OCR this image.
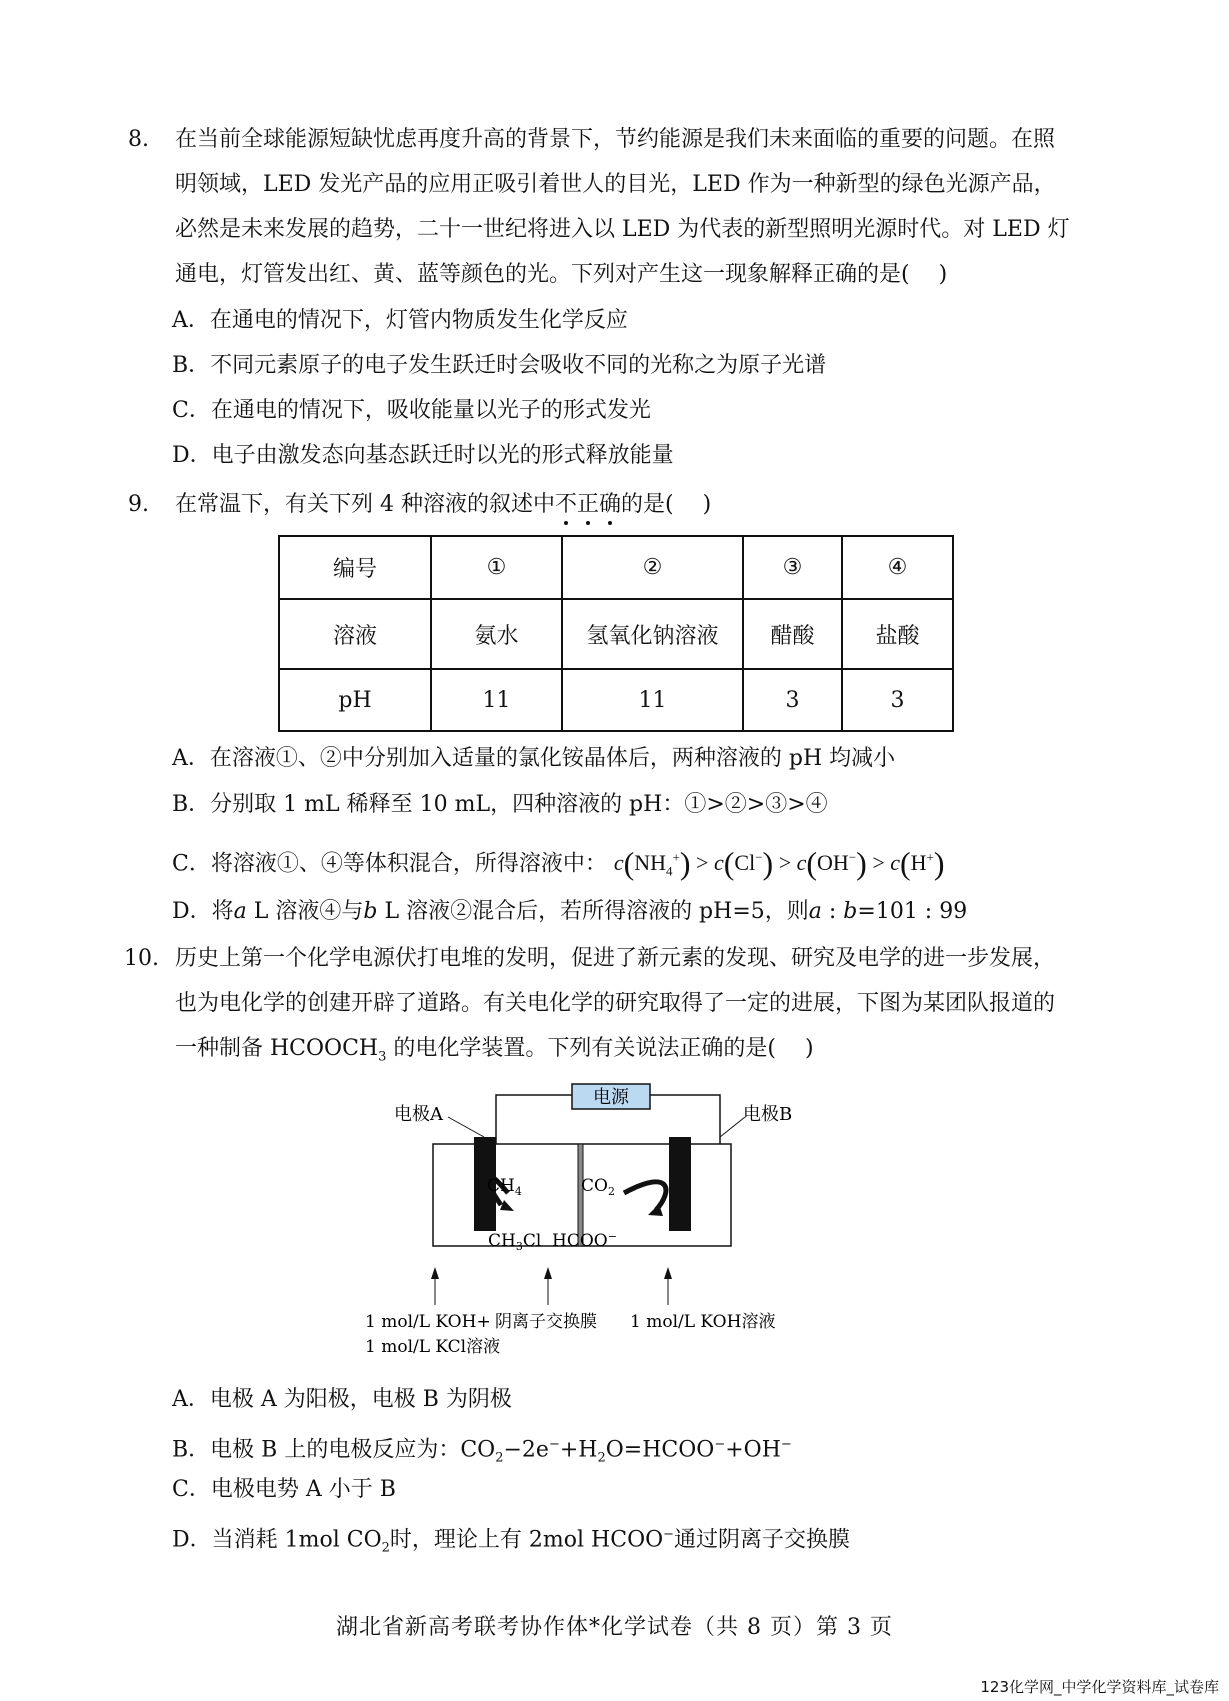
8. 在当前全球能源短缺忧虑再度升高的背景下，节约能源是我们未来面临的重要的问题。在照
明领域，LED 发光产品的应用正吸引着世人的目光，LED 作为一种新型的绿色光源产品，
必然是未来发展的趋势，二十一世纪将进入以 LED 为代表的新型照明光源时代。对 LED 灯
通电，灯管发出红、黄、蓝等颜色的光。下列对产生这一现象解释正确的是(　 )
A．在通电的情况下，灯管内物质发生化学反应
B．不同元素原子的电子发生跃迁时会吸收不同的光称之为原子光谱
C．在通电的情况下，吸收能量以光子的形式发光
D．电子由激发态向基态跃迁时以光的形式释放能量
9. 在常温下，有关下列 4 种溶液的叙述中不正确
的是(　 )
编号	①	②	③	④
溶液	氨水	氢氧化钠溶液	醋酸	盐酸
pH	11	11	3	3
A．在溶液①、②中分别加入适量的氯化铵晶体后，两种溶液的 pH 均减小
B．分别取 1 mL 稀释至 10 mL，四种溶液的 pH：①>②>③>④
C．将溶液①、④等体积混合，所得溶液中： $c(NH_4^+) > c(Cl^-) > c(OH^-) > c(H^+)$
D．将a L 溶液④与b L 溶液②混合后，若所得溶液的 pH=5，则a : b=101 : 99
10. 历史上第一个化学电源伏打电堆的发明，促进了新元素的发现、研究及电学的进一步发展，
也为电化学的创建开辟了道路。有关电化学的研究取得了一定的进展，下图为某团队报道的
一种制备 $HCOOCH_3$ 的电化学装置。下列有关说法正确的是(　 )
电源
电极A	电极B
$CH_4$
$CH_3Cl$
$CO_2$
HCOO−
1 mol/L KOH+
1 mol/L KCl溶液
阴离子交换膜 1 mol/L KOH溶液
A．电极 A 为阳极，电极 B 为阴极
B．电极 B 上的电极反应为：$CO_2-2e^-+H_2O=HCOO^-+OH^-$
C．电极电势 A 小于 B
D．当消耗 1mol $CO_2$时，理论上有 2mol HCOO−通过阴离子交换膜
湖北省新高考联考协作体*化学试卷（共 8 页）第 3 页
123化学网_中学化学资料库_试卷库
